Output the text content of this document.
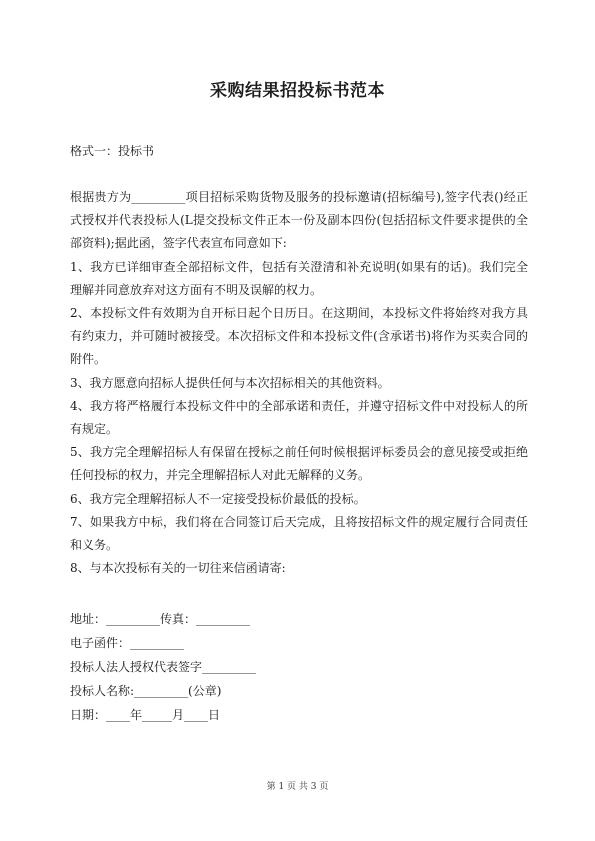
采购结果招投标书范本
格式一：投标书

根据贵方为_________项目招标采购货物及服务的投标邀请(招标编号),签字代表()经正式授权并代表投标人(L提交投标文件正本一份及副本四份(包括招标文件要求提供的全部资料);据此函，签字代表宣布同意如下:

1、我方已详细审查全部招标文件，包括有关澄清和补充说明(如果有的话)。我们完全理解并同意放弃对这方面有不明及误解的权力。

2、本投标文件有效期为自开标日起个日历日。在这期间，本投标文件将始终对我方具有约束力，并可随时被接受。本次招标文件和本投标文件(含承诺书)将作为买卖合同的附件。

3、我方愿意向招标人提供任何与本次招标相关的其他资料。

4、我方将严格履行本投标文件中的全部承诺和责任，并遵守招标文件中对投标人的所有规定。

5、我方完全理解招标人有保留在授标之前任何时候根据评标委员会的意见接受或拒绝任何投标的权力，并完全理解招标人对此无解释的义务。

6、我方完全理解招标人不一定接受投标价最低的投标。

7、如果我方中标，我们将在合同签订后天完成，且将按招标文件的规定履行合同责任和义务。

8、与本次投标有关的一切往来信函请寄:

地址：_________传真：_________

电子函件：_________

投标人法人授权代表签字_________

投标人名称:_________(公章)

日期：____年_____月____日

第 1 页 共 3 页
